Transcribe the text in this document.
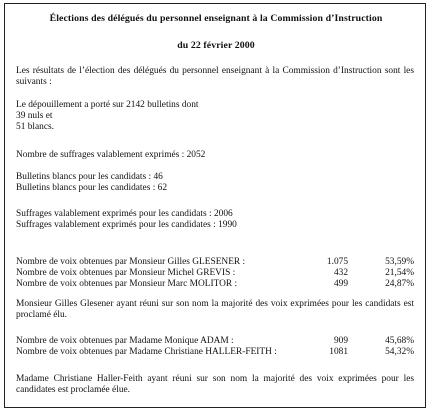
Élections des délégués du personnel enseignant à la Commission d’Instruction
du 22 février 2000
Les résultats de l’élection des délégués du personnel enseignant à la Commission d’Instruction sont les suivants :
Le dépouillement a porté sur 2142 bulletins dont
39 nuls et
51 blancs.
Nombre de suffrages valablement exprimés : 2052
Bulletins blancs pour les candidats : 46
Bulletins blancs pour les candidates : 62
Suffrages valablement exprimés pour les candidats : 2006
Suffrages valablement exprimés pour les candidates : 1990
Nombre de voix obtenues par Monsieur Gilles GLESENER :	1.075	53,59%
Nombre de voix obtenues par Monsieur Michel GREVIS :	432	21,54%
Nombre de voix obtenues par Monsieur Marc MOLITOR :	499	24,87%
Monsieur Gilles Glesener ayant réuni sur son nom la majorité des voix exprimées pour les candidats est proclamé élu.
Nombre de voix obtenues par Madame Monique ADAM :	909	45,68%
Nombre de voix obtenues par Madame Christiane HALLER-FEITH :	1081	54,32%
Madame Christiane Haller-Feith ayant réuni sur son nom la majorité des voix exprimées pour les candidates est proclamée élue.
